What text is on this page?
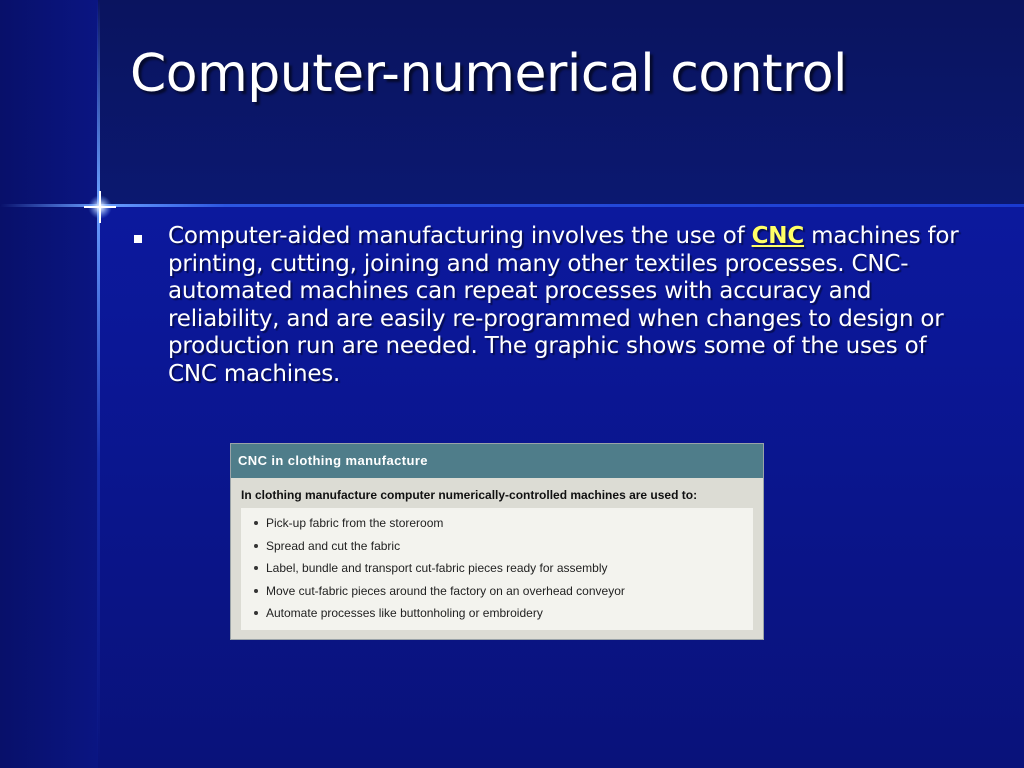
Computer-numerical control
Computer-aided manufacturing involves the use of CNC machines for printing, cutting, joining and many other textiles processes. CNC-automated machines can repeat processes with accuracy and reliability, and are easily re-programmed when changes to design or production run are needed. The graphic shows some of the uses of CNC machines.
CNC in clothing manufacture
In clothing manufacture computer numerically-controlled machines are used to:
Pick-up fabric from the storeroom
Spread and cut the fabric
Label, bundle and transport cut-fabric pieces ready for assembly
Move cut-fabric pieces around the factory on an overhead conveyor
Automate processes like buttonholing or embroidery
